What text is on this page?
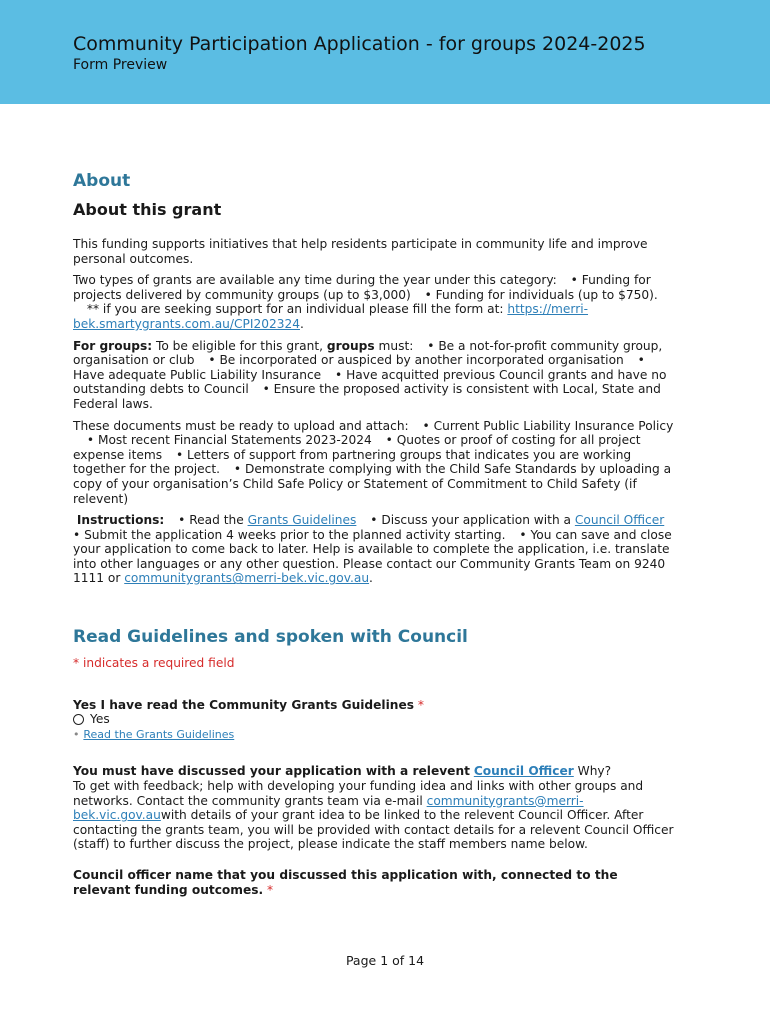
Community Participation Application - for groups 2024-2025
Form Preview
About
About this grant

This funding supports initiatives that help residents participate in community life and improve personal outcomes.

Two types of grants are available any time during the year under this category: • Funding for projects delivered by community groups (up to $3,000) • Funding for individuals (up to $750). ** if you are seeking support for an individual please fill the form at: https://merri-bek.smartygrants.com.au/CPI202324.

For groups: To be eligible for this grant, groups must: • Be a not-for-profit community group, organisation or club • Be incorporated or auspiced by another incorporated organisation • Have adequate Public Liability Insurance • Have acquitted previous Council grants and have no outstanding debts to Council • Ensure the proposed activity is consistent with Local, State and Federal laws.

These documents must be ready to upload and attach: • Current Public Liability Insurance Policy • Most recent Financial Statements 2023-2024 • Quotes or proof of costing for all project expense items • Letters of support from partnering groups that indicates you are working together for the project. • Demonstrate complying with the Child Safe Standards by uploading a copy of your organisation’s Child Safe Policy or Statement of Commitment to Child Safety (if relevent)

Instructions: • Read the Grants Guidelines • Discuss your application with a Council Officer • Submit the application 4 weeks prior to the planned activity starting. • You can save and close your application to come back to later. Help is available to complete the application, i.e. translate into other languages or any other question. Please contact our Community Grants Team on 9240 1111 or communitygrants@merri-bek.vic.gov.au.

Read Guidelines and spoken with Council
* indicates a required field
Yes I have read the Community Grants Guidelines *
Yes
• Read the Grants Guidelines
You must have discussed your application with a relevent Council Officer Why?
To get with feedback; help with developing your funding idea and links with other groups and networks. Contact the community grants team via e-mail communitygrants@merri-bek.vic.gov.auwith details of your grant idea to be linked to the relevent Council Officer. After contacting the grants team, you will be provided with contact details for a relevent Council Officer (staff) to further discuss the project, please indicate the staff members name below.
Council officer name that you discussed this application with, connected to the relevant funding outcomes. *
Page 1 of 14
